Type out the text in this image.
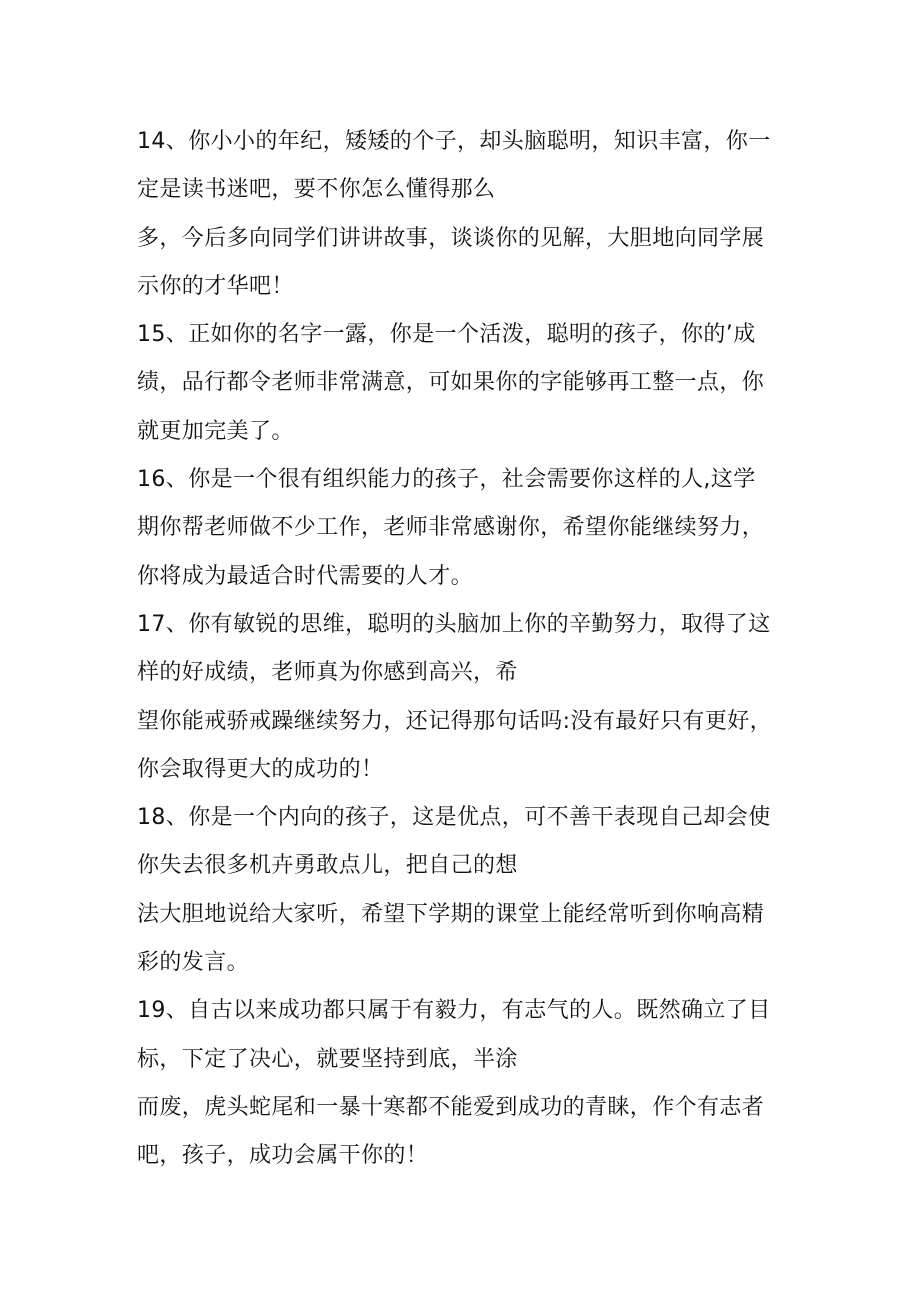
14、你小小的年纪，矮矮的个子，却头脑聪明，知识丰富，你一
定是读书迷吧，要不你怎么懂得那么
多，今后多向同学们讲讲故事，谈谈你的见解，大胆地向同学展
示你的才华吧！
15、正如你的名字一露，你是一个活泼，聪明的孩子，你的’成
绩，品行都令老师非常满意，可如果你的字能够再工整一点，你
就更加完美了。
16、你是一个很有组织能力的孩子，社会需要你这样的人,这学
期你帮老师做不少工作，老师非常感谢你，希望你能继续努力，
你将成为最适合时代需要的人才。
17、你有敏锐的思维，聪明的头脑加上你的辛勤努力，取得了这
样的好成绩，老师真为你感到高兴，希
望你能戒骄戒躁继续努力，还记得那句话吗:没有最好只有更好，
你会取得更大的成功的！
18、你是一个内向的孩子，这是优点，可不善干表现自己却会使
你失去很多机卉勇敢点儿，把自己的想
法大胆地说给大家听，希望下学期的课堂上能经常听到你响高精
彩的发言。
19、自古以来成功都只属于有毅力，有志气的人。既然确立了目
标，下定了决心，就要坚持到底，半涂
而废，虎头蛇尾和一暴十寒都不能爱到成功的青睐，作个有志者
吧，孩子，成功会属干你的！
